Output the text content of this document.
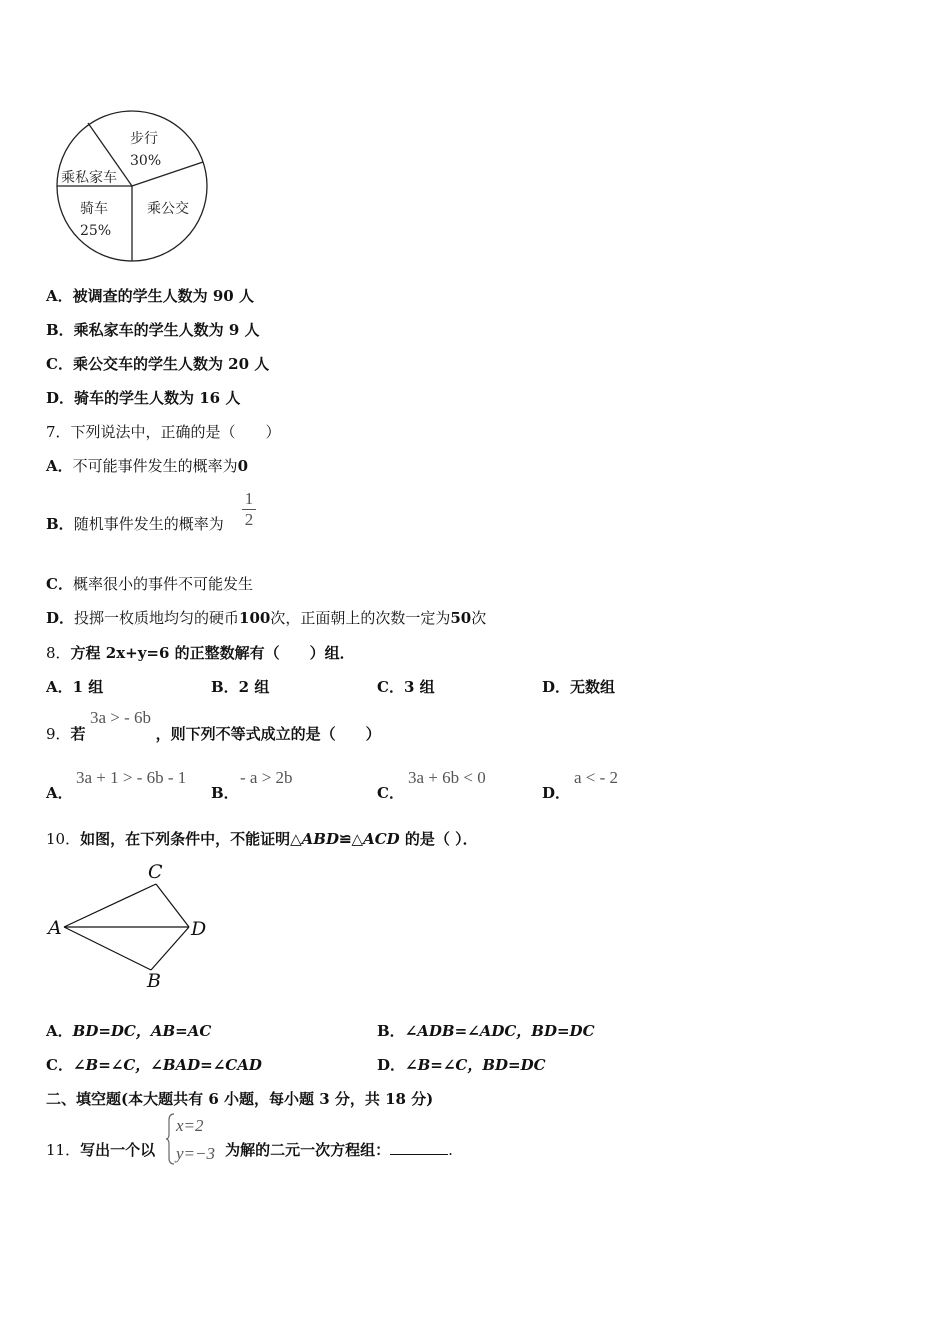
步行
30%
乘私家车
骑车
25%
乘公交
A．被调查的学生人数为 90 人
B．乘私家车的学生人数为 9 人
C．乘公交车的学生人数为 20 人
D．骑车的学生人数为 16 人
7．下列说法中，正确的是（　　）
A．不可能事件发生的概率为0
B．随机事件发生的概率为
1
2
C．概率很小的事件不可能发生
D．投掷一枚质地均匀的硬币100次，正面朝上的次数一定为50次
8．方程 2x+y=6 的正整数解有（　　）组．
A．1 组	B．2 组	C．3 组	D．无数组
9．若	，则下列不等式成立的是（　　）
3a > - 6b
A．
3a + 1 > - 6b - 1
B．
- a > 2b
C．
3a + 6b < 0
D．
a < - 2
10．如图，在下列条件中，不能证明△ABD≌△ACD 的是（ ）．
A
C
D
B
A．BD=DC，AB=AC	B．∠ADB=∠ADC，BD=DC
C．∠B=∠C，∠BAD=∠CAD	D．∠B=∠C，BD=DC
二、填空题(本大题共有 6 小题，每小题 3 分，共 18 分)
11．写出一个以	为解的二元一次方程组：	.
x=2
y=−3
